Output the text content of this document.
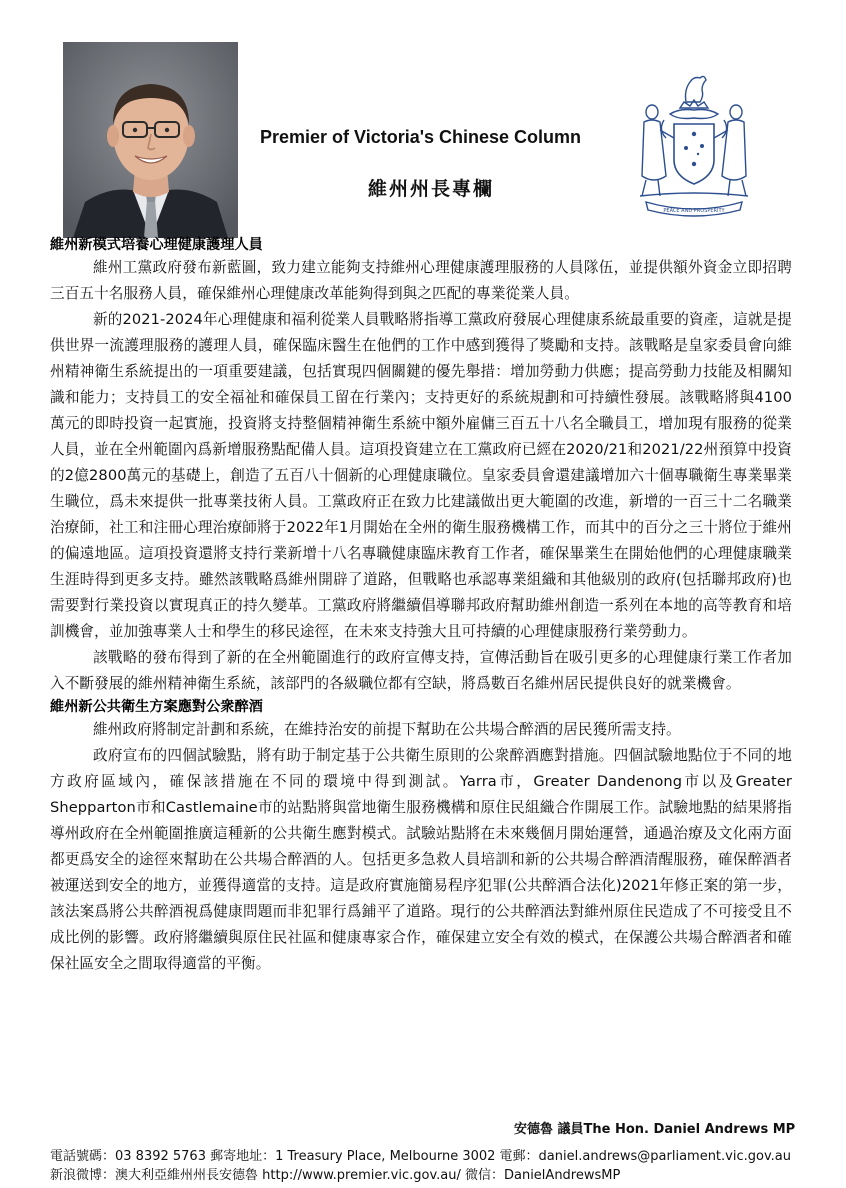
Premier of Victoria's Chinese Column
維州州長專欄
PEACE AND PROSPERITY
維州新模式培養心理健康護理人員

維州工黨政府發布新藍圖，致力建立能夠支持維州心理健康護理服務的人員隊伍，並提供額外資金立即招聘三百五十名服務人員，確保維州心理健康改革能夠得到與之匹配的專業從業人員。

新的2021-2024年心理健康和福利從業人員戰略將指導工黨政府發展心理健康系統最重要的資產，這就是提供世界一流護理服務的護理人員，確保臨床醫生在他們的工作中感到獲得了獎勵和支持。該戰略是皇家委員會向維州精神衛生系統提出的一項重要建議，包括實現四個關鍵的優先舉措：增加勞動力供應；提高勞動力技能及相關知識和能力；支持員工的安全福祉和確保員工留在行業內；支持更好的系統規劃和可持續性發展。該戰略將與4100萬元的即時投資一起實施，投資將支持整個精神衛生系統中額外雇傭三百五十八名全職員工，增加現有服務的從業人員，並在全州範圍內爲新增服務點配備人員。這項投資建立在工黨政府已經在2020/21和2021/22州預算中投資的2億2800萬元的基礎上，創造了五百八十個新的心理健康職位。皇家委員會還建議增加六十個專職衛生專業畢業生職位，爲未來提供一批專業技術人員。工黨政府正在致力比建議做出更大範圍的改進，新增的一百三十二名職業治療師，社工和注冊心理治療師將于2022年1月開始在全州的衛生服務機構工作，而其中的百分之三十將位于維州的偏遠地區。這項投資還將支持行業新增十八名專職健康臨床教育工作者，確保畢業生在開始他們的心理健康職業生涯時得到更多支持。雖然該戰略爲維州開辟了道路，但戰略也承認專業組織和其他級別的政府(包括聯邦政府)也需要對行業投資以實現真正的持久變革。工黨政府將繼續倡導聯邦政府幫助維州創造一系列在本地的高等教育和培訓機會，並加強專業人士和學生的移民途徑，在未來支持強大且可持續的心理健康服務行業勞動力。

該戰略的發布得到了新的在全州範圍進行的政府宣傳支持，宣傳活動旨在吸引更多的心理健康行業工作者加入不斷發展的維州精神衛生系統，該部門的各級職位都有空缺，將爲數百名維州居民提供良好的就業機會。

維州新公共衛生方案應對公衆醉酒

維州政府將制定計劃和系統，在維持治安的前提下幫助在公共場合醉酒的居民獲所需支持。

政府宣布的四個試驗點，將有助于制定基于公共衛生原則的公衆醉酒應對措施。四個試驗地點位于不同的地方政府區域內，確保該措施在不同的環境中得到測試。Yarra市，Greater Dandenong市以及Greater Shepparton市和Castlemaine市的站點將與當地衛生服務機構和原住民組織合作開展工作。試驗地點的結果將指導州政府在全州範圍推廣這種新的公共衛生應對模式。試驗站點將在未來幾個月開始運營，通過治療及文化兩方面都更爲安全的途徑來幫助在公共場合醉酒的人。包括更多急救人員培訓和新的公共場合醉酒清醒服務，確保醉酒者被運送到安全的地方，並獲得適當的支持。這是政府實施簡易程序犯罪(公共醉酒合法化)2021年修正案的第一步，該法案爲將公共醉酒視爲健康問題而非犯罪行爲鋪平了道路。現行的公共醉酒法對維州原住民造成了不可接受且不成比例的影響。政府將繼續與原住民社區和健康專家合作，確保建立安全有效的模式，在保護公共場合醉酒者和確保社區安全之間取得適當的平衡。

安德魯 議員The Hon. Daniel Andrews MP
電話號碼：03 8392 5763 郵寄地址：1 Treasury Place, Melbourne 3002 電郵：daniel.andrews@parliament.vic.gov.au
新浪微博：澳大利亞維州州長安德魯 http://www.premier.vic.gov.au/ 微信：DanielAndrewsMP
